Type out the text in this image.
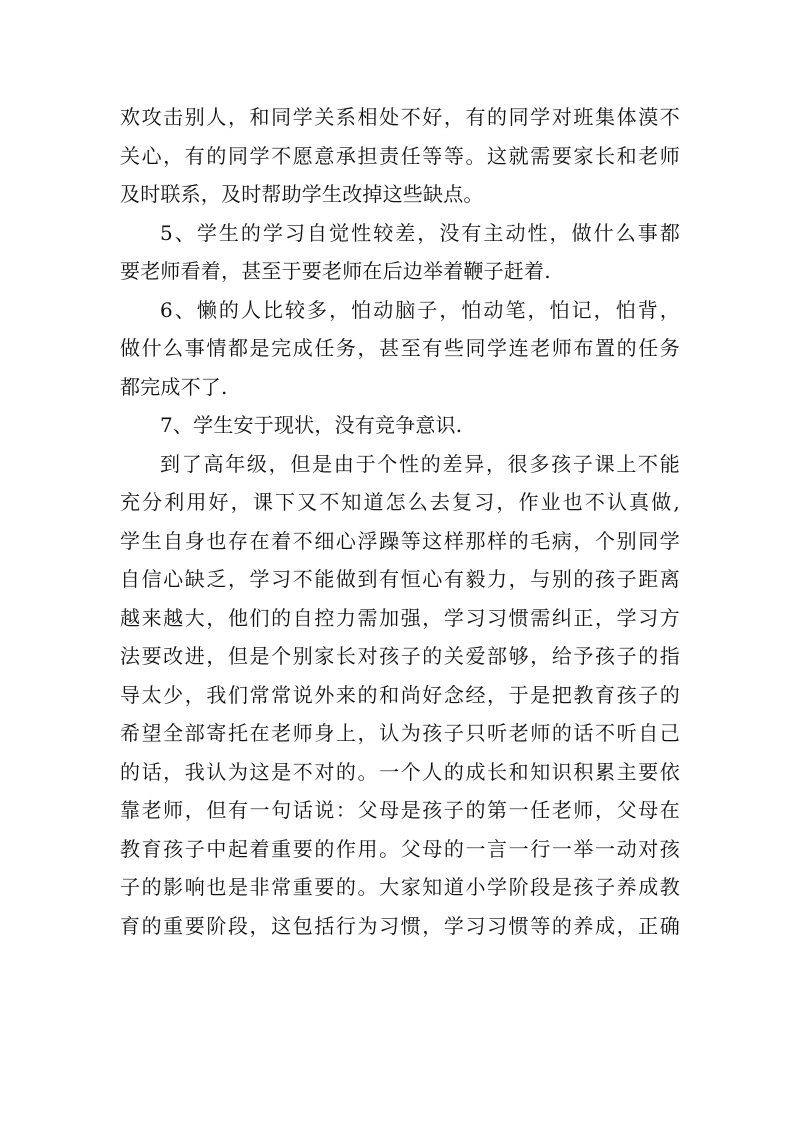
欢攻击别人，和同学关系相处不好，有的同学对班集体漠不
关心，有的同学不愿意承担责任等等。这就需要家长和老师
及时联系，及时帮助学生改掉这些缺点。
5、学生的学习自觉性较差，没有主动性，做什么事都
要老师看着，甚至于要老师在后边举着鞭子赶着.
6、懒的人比较多，怕动脑子，怕动笔，怕记，怕背，
做什么事情都是完成任务，甚至有些同学连老师布置的任务
都完成不了.
7、学生安于现状，没有竞争意识.
到了高年级，但是由于个性的差异，很多孩子课上不能
充分利用好，课下又不知道怎么去复习，作业也不认真做,
学生自身也存在着不细心浮躁等这样那样的毛病，个别同学
自信心缺乏，学习不能做到有恒心有毅力，与别的孩子距离
越来越大，他们的自控力需加强，学习习惯需纠正，学习方
法要改进，但是个别家长对孩子的关爱部够，给予孩子的指
导太少，我们常常说外来的和尚好念经，于是把教育孩子的
希望全部寄托在老师身上，认为孩子只听老师的话不听自己
的话，我认为这是不对的。一个人的成长和知识积累主要依
靠老师，但有一句话说：父母是孩子的第一任老师，父母在
教育孩子中起着重要的作用。父母的一言一行一举一动对孩
子的影响也是非常重要的。大家知道小学阶段是孩子养成教
育的重要阶段，这包括行为习惯，学习习惯等的养成，正确
